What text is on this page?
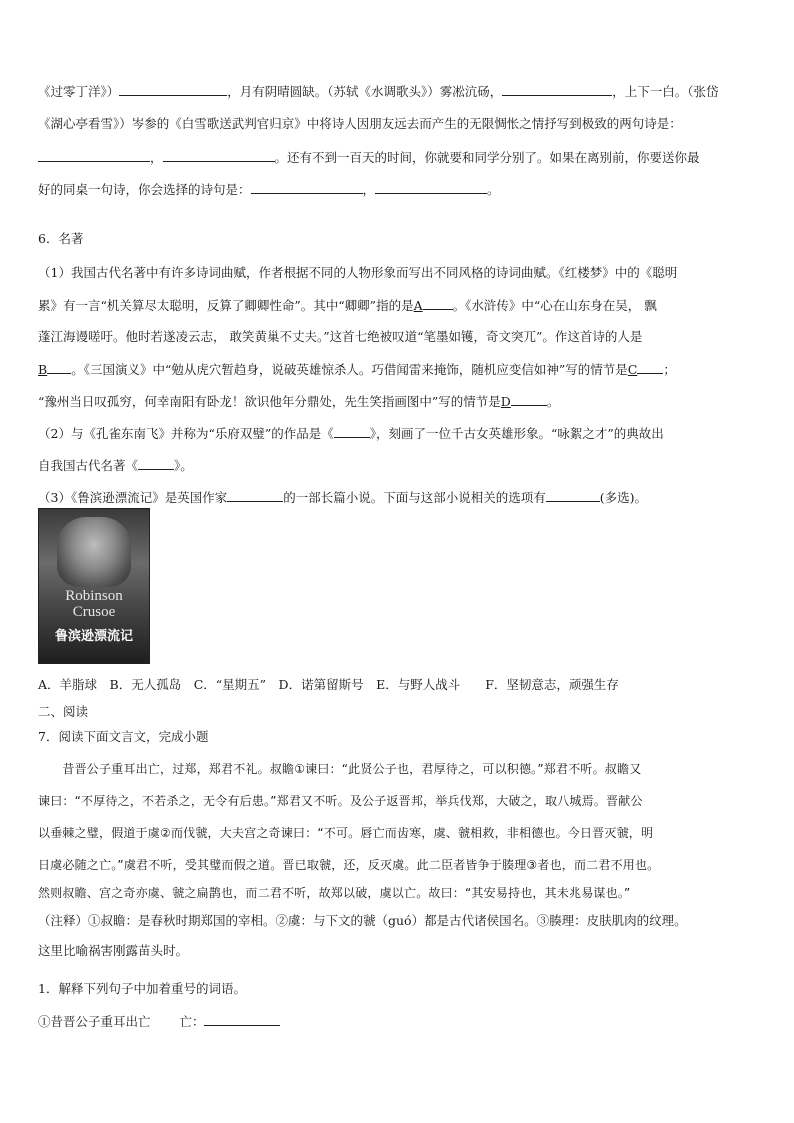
《过零丁洋》）	，月有阴晴圆缺。（苏轼《水调歌头》）雾凇沆砀，	，上下一白。（张岱
《湖心亭看雪》）岑参的《白雪歌送武判官归京》中将诗人因朋友远去而产生的无限惆怅之情抒写到极致的两句诗是：
，	。还有不到一百天的时间，你就要和同学分别了。如果在离别前，你要送你最
好的同桌一句诗，你会选择的诗句是：	，	。
6．名著
（1）我国古代名著中有许多诗词曲赋，作者根据不同的人物形象而写出不同风格的诗词曲赋。《红楼梦》中的《聪明
累》有一言“机关算尽太聪明，反算了卿卿性命”。其中“卿卿”指的是A 。《水浒传》中“心在山东身在吴， 飘
蓬江海谩嗟吁。他时若遂凌云志， 敢笑黄巢不丈夫。”这首七绝被叹道“笔墨如镬，奇文突兀”。作这首诗的人是
B 。《三国演义》中“勉从虎穴暂趋身，说破英雄惊杀人。巧借闻雷来掩饰，随机应变信如神”写的情节是C ；
“豫州当日叹孤穷，何幸南阳有卧龙！欲识他年分鼎处，先生笑指画图中”写的情节是D	。
（2）与《孔雀东南飞》并称为“乐府双璧”的作品是《	》，刻画了一位千古女英雄形象。“咏絮之才”的典故出
自我国古代名著《	》。
（3）《鲁滨逊漂流记》是英国作家	的一部长篇小说。下面与这部小说相关的选项有	(多选)。
Robinson
Crusoe
鲁滨逊漂流记
A．羊脂球　B．无人孤岛　C．“星期五”　D．诺第留斯号　E．与野人战斗　　F．坚韧意志，顽强生存
二、阅读
7．阅读下面文言文，完成小题
　　昔晋公子重耳出亡，过郑，郑君不礼。叔瞻①谏曰：“此贤公子也，君厚待之，可以积德。”郑君不听。叔瞻又
谏曰：“不厚待之，不若杀之，无令有后患。”郑君又不听。及公子返晋邦，举兵伐郑，大破之，取八城焉。晋献公
以垂棘之璧，假道于虞②而伐虢，大夫宫之奇谏曰：“不可。唇亡而齿寒，虞、虢相救，非相德也。今日晋灭虢，明
日虞必随之亡。”虞君不听，受其璧而假之道。晋已取虢，还，反灭虞。此二臣者皆争于腠理③者也，而二君不用也。
然则叔瞻、宫之奇亦虞、虢之扁鹊也，而二君不听，故郑以破，虞以亡。故曰：“其安易持也，其未兆易谋也。”
（注释）①叔瞻：是春秋时期郑国的宰相。②虞：与下文的虢（guó）都是古代诸侯国名。③腠理：皮肤肌肉的纹理。
这里比喻祸害刚露苗头时。
1．解释下列句子中加着重号的词语。
①昔晋公子重耳出亡　　 亡：
